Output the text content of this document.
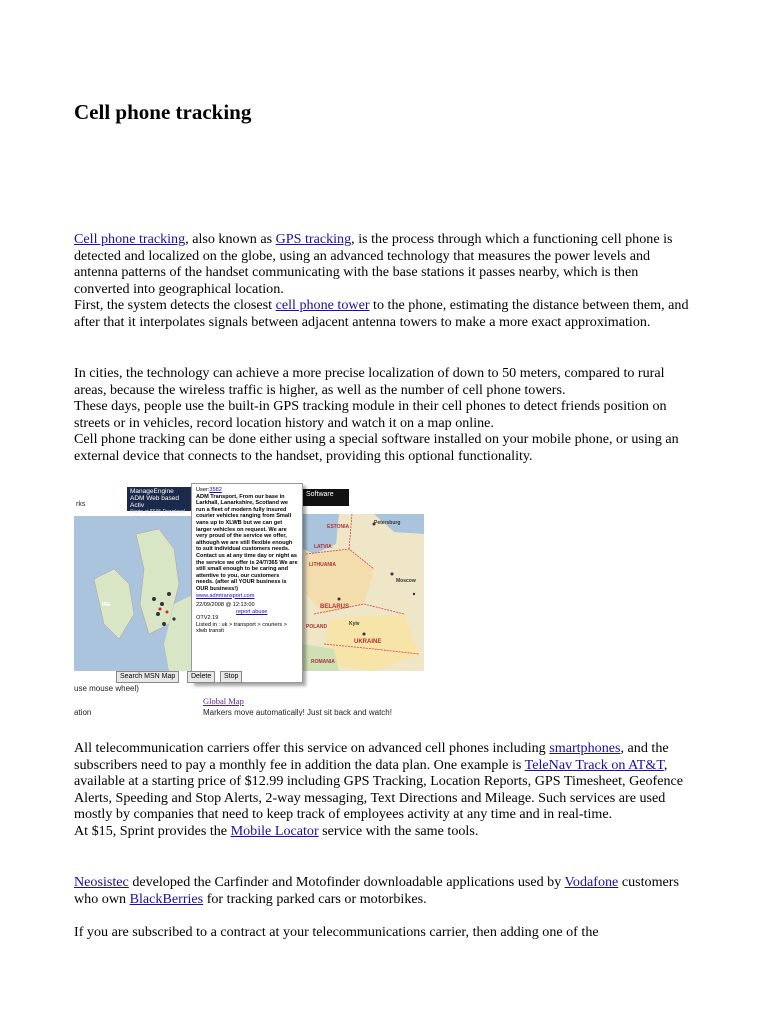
Cell phone tracking

Cell phone tracking, also known as GPS tracking, is the process through which a functioning cell phone is detected and localized on the globe, using an advanced technology that measures the power levels and antenna patterns of the handset communicating with the base stations it passes nearby, which is then converted into geographical location.
First, the system detects the closest cell phone tower to the phone, estimating the distance between them, and after that it interpolates signals between adjacent antenna towers to make a more exact approximation.

In cities, the technology can achieve a more precise localization of down to 50 meters, compared to rural areas, because the wireless traffic is higher, as well as the number of cell phone towers.
These days, people use the built-in GPS tracking module in their cell phones to detect friends position on streets or in vehicles, record location history and watch it on a map online.
Cell phone tracking can be done either using a special software installed on your mobile phone, or using an external device that connects to the handset, providing this optional functionality.

ManageEngine ADM Web based Activ
Starts at $695 Download
Software
rks
Petersburg
ESTONIA
LATVIA
LITHUANIA
BELARUS
UKRAINE
ROMANIA
POLAND
Moscow
Kyiv
IRE
User:3582
ADM Transport, From our base in Larkhall, Lanarkshire, Scotland we run a fleet of modern fully insured courier vehicles ranging from Small vans up to XLWB but we can get larger vehicles on request. We are very proud of the service we offer, although we are still flexible enough to suit individual customers needs. Contact us at any time day or night as the service we offer is 24/7/365 We are still small enough to be caring and attentive to you, our customers needs. (after all YOUR business is OUR business!)
www.admtransport.com
22/09/2008 @ 12:13:00
report abuse
OTV2.19
Listed in : uk > transport > couriers > xlwb transit
Search MSN Map	Delete	Stop
use mouse wheel)
Global Map
ation	Markers move automatically! Just sit back and watch!

All telecommunication carriers offer this service on advanced cell phones including smartphones, and the subscribers need to pay a monthly fee in addition the data plan. One example is TeleNav Track on AT&T, available at a starting price of $12.99 including GPS Tracking, Location Reports, GPS Timesheet, Geofence Alerts, Speeding and Stop Alerts, 2-way messaging, Text Directions and Mileage. Such services are used mostly by companies that need to keep track of employees activity at any time and in real-time.
At $15, Sprint provides the Mobile Locator service with the same tools.

Neosistec developed the Carfinder and Motofinder downloadable applications used by Vodafone customers who own BlackBerries for tracking parked cars or motorbikes.

If you are subscribed to a contract at your telecommunications carrier, then adding one of the
